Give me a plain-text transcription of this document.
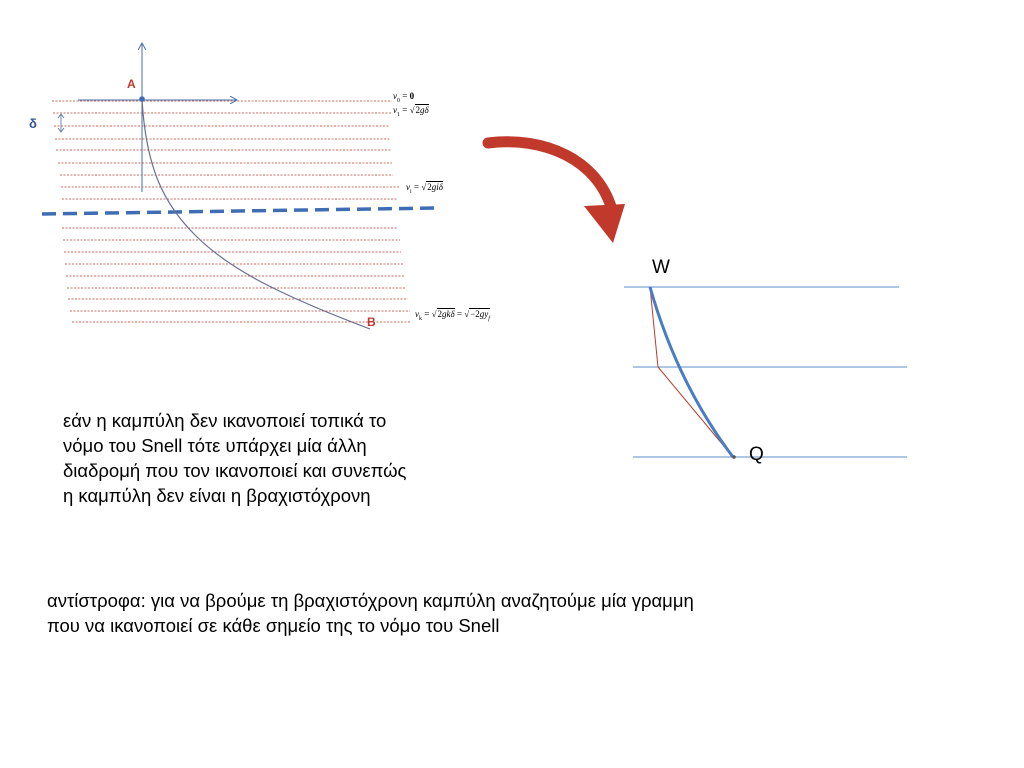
A
B
δ
$v_0 = 0$
$v_1 = √2g\delta$
$v_i = √2gi\delta$
$v_k = √2gk\delta = √-2gy_f$
W
Q

εάν η καμπύλη δεν ικανοποιεί τοπικά το

νόμο του Snell τότε υπάρχει μία άλλη

διαδρομή που τον ικανοποιεί και συνεπώς

η καμπύλη δεν είναι η βραχιστόχρονη

αντίστροφα: για να βρούμε τη βραχιστόχρονη καμπύλη αναζητούμε μία γραμμη

που να ικανοποιεί σε κάθε σημείο της το νόμο του Snell
